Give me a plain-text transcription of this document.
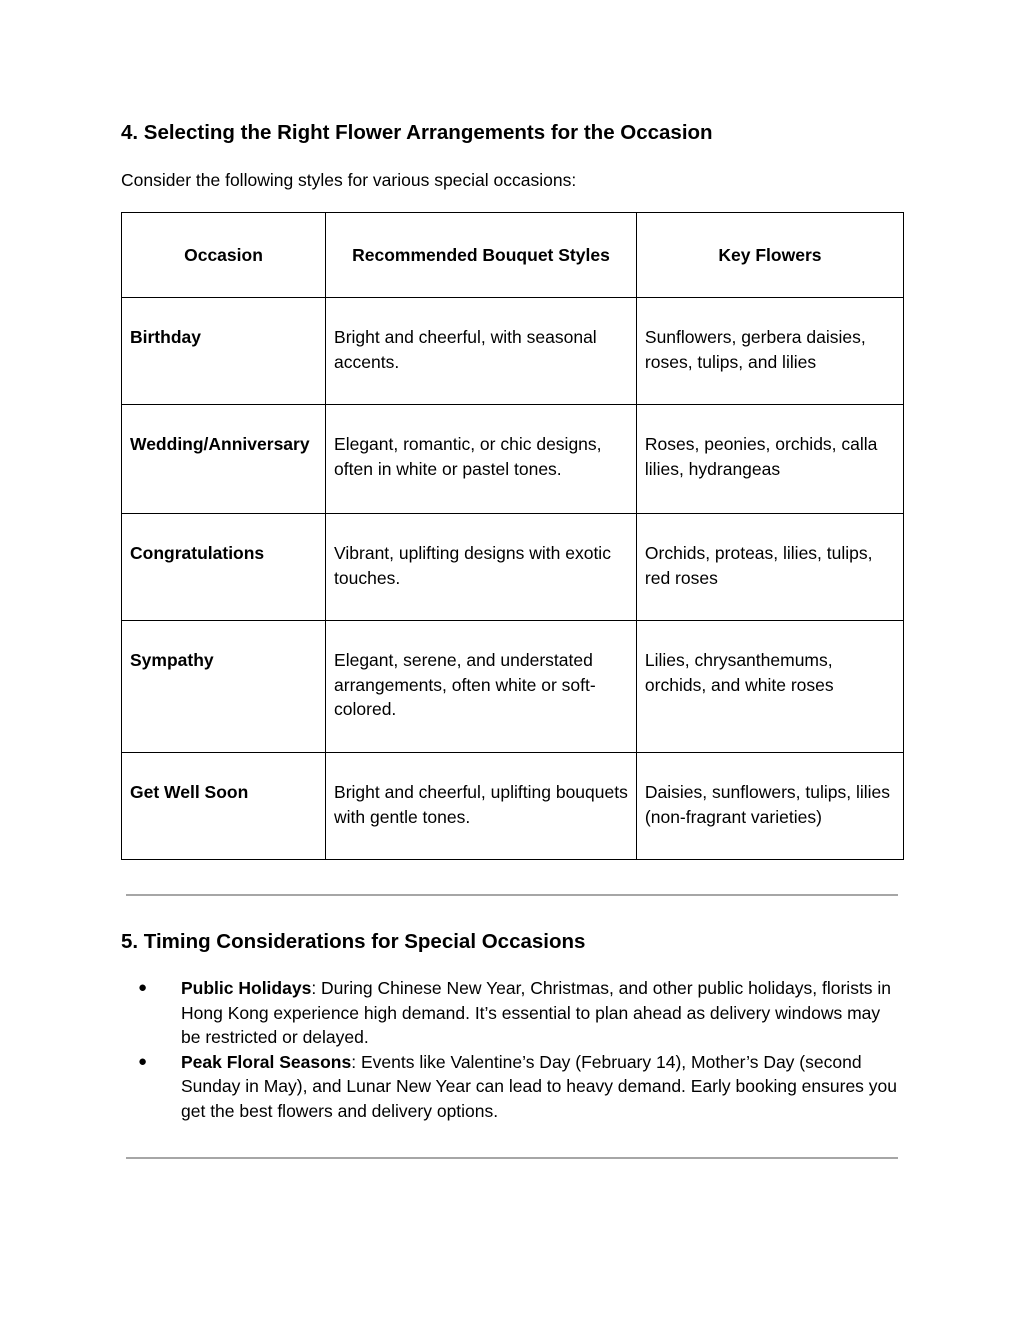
4. Selecting the Right Flower Arrangements for the Occasion

Consider the following styles for various special occasions:

Occasion	Recommended Bouquet Styles	Key Flowers
Birthday	Bright and cheerful, with seasonal accents.	Sunflowers, gerbera daisies, roses, tulips, and lilies
Wedding/Anniversary	Elegant, romantic, or chic designs, often in white or pastel tones.	Roses, peonies, orchids, calla lilies, hydrangeas
Congratulations	Vibrant, uplifting designs with exotic touches.	Orchids, proteas, lilies, tulips, red roses
Sympathy	Elegant, serene, and understated arrangements, often white or soft-colored.	Lilies, chrysanthemums, orchids, and white roses
Get Well Soon	Bright and cheerful, uplifting bouquets with gentle tones.	Daisies, sunflowers, tulips, lilies (non-fragrant varieties)
5. Timing Considerations for Special Occasions
● Public Holidays: During Chinese New Year, Christmas, and other public holidays, florists in Hong Kong experience high demand. It’s essential to plan ahead as delivery windows may be restricted or delayed.
● Peak Floral Seasons: Events like Valentine’s Day (February 14), Mother’s Day (second Sunday in May), and Lunar New Year can lead to heavy demand. Early booking ensures you get the best flowers and delivery options.
